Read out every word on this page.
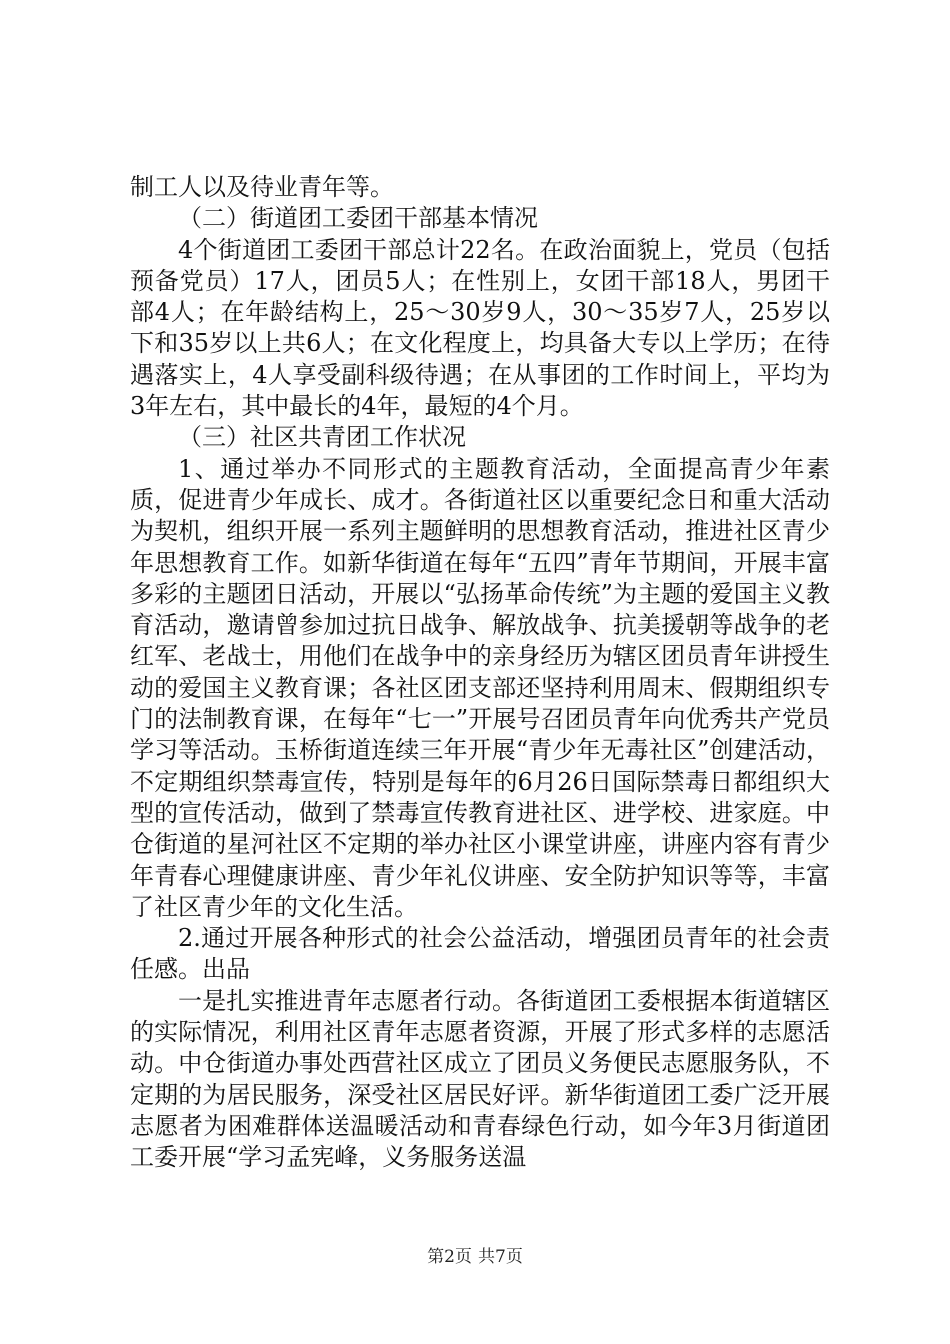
制工人以及待业青年等。

（二）街道团工委团干部基本情况

4个街道团工委团干部总计22名。在政治面貌上，党员（包括预备党员）17人，团员5人；在性别上，女团干部18人，男团干部4人；在年龄结构上，25～30岁9人，30～35岁7人，25岁以下和35岁以上共6人；在文化程度上，均具备大专以上学历；在待遇落实上，4人享受副科级待遇；在从事团的工作时间上，平均为3年左右，其中最长的4年，最短的4个月。

（三）社区共青团工作状况

1、通过举办不同形式的主题教育活动，全面提高青少年素质，促进青少年成长、成才。各街道社区以重要纪念日和重大活动为契机，组织开展一系列主题鲜明的思想教育活动，推进社区青少年思想教育工作。如新华街道在每年“五四”青年节期间，开展丰富多彩的主题团日活动，开展以“弘扬革命传统”为主题的爱国主义教育活动，邀请曾参加过抗日战争、解放战争、抗美援朝等战争的老红军、老战士，用他们在战争中的亲身经历为辖区团员青年讲授生动的爱国主义教育课；各社区团支部还坚持利用周末、假期组织专门的法制教育课，在每年“七一”开展号召团员青年向优秀共产党员学习等活动。玉桥街道连续三年开展“青少年无毒社区”创建活动，不定期组织禁毒宣传，特别是每年的6月26日国际禁毒日都组织大型的宣传活动，做到了禁毒宣传教育进社区、进学校、进家庭。中仓街道的星河社区不定期的举办社区小课堂讲座，讲座内容有青少年青春心理健康讲座、青少年礼仪讲座、安全防护知识等等，丰富了社区青少年的文化生活。

2.通过开展各种形式的社会公益活动，增强团员青年的社会责任感。出品

一是扎实推进青年志愿者行动。各街道团工委根据本街道辖区的实际情况，利用社区青年志愿者资源，开展了形式多样的志愿活动。中仓街道办事处西营社区成立了团员义务便民志愿服务队，不定期的为居民服务，深受社区居民好评。新华街道团工委广泛开展志愿者为困难群体送温暖活动和青春绿色行动，如今年3月街道团工委开展“学习孟宪峰，义务服务送温

第2页 共7页
